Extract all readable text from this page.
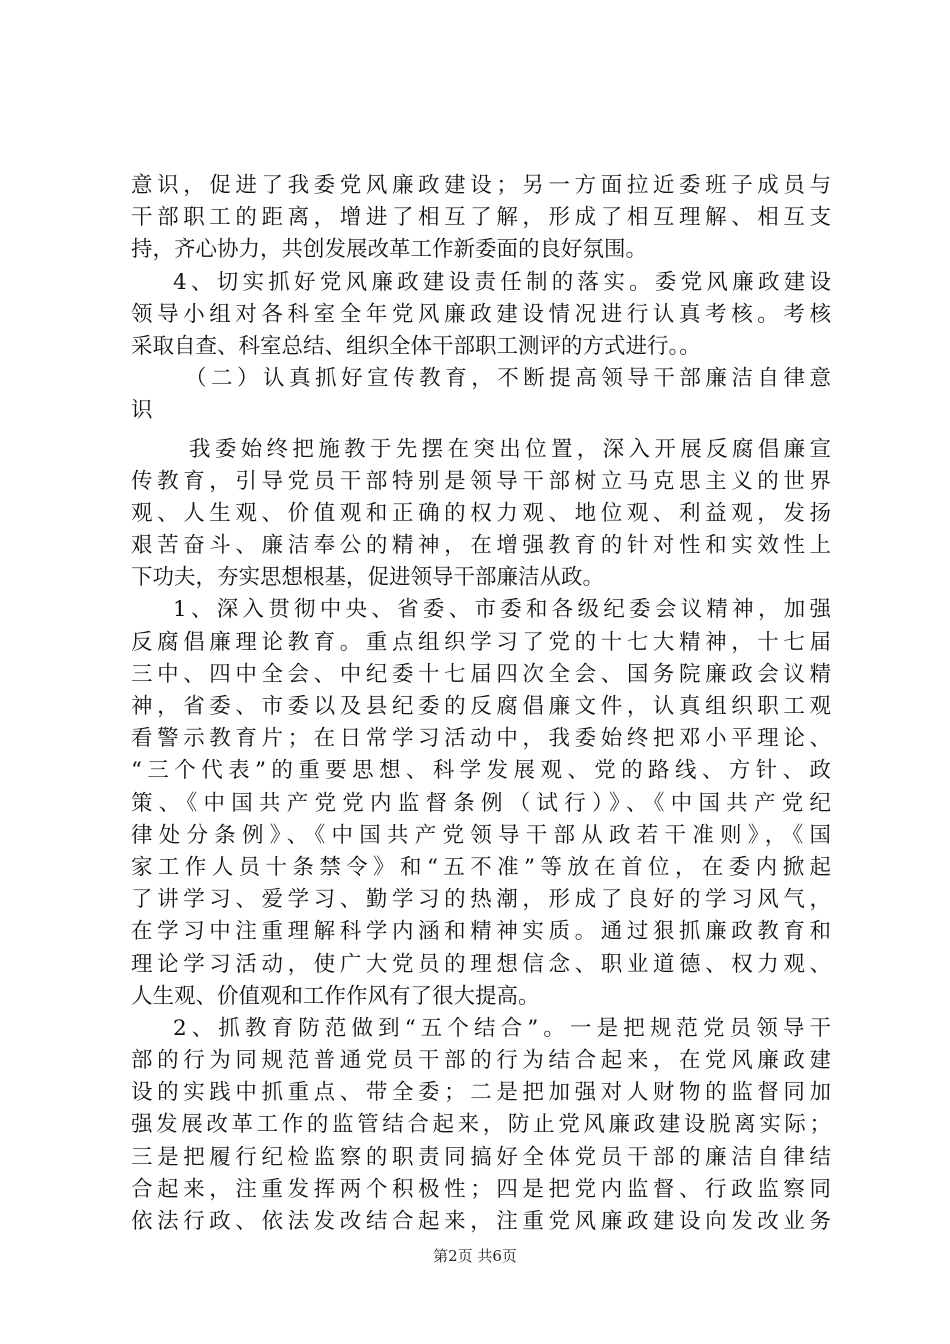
意识，促进了我委党风廉政建设；另一方面拉近委班子成员与
干部职工的距离，增进了相互了解，形成了相互理解、相互支
持，齐心协力，共创发展改革工作新委面的良好氛围。
4、切实抓好党风廉政建设责任制的落实。委党风廉政建设
领导小组对各科室全年党风廉政建设情况进行认真考核。考核
采取自查、科室总结、组织全体干部职工测评的方式进行。。
（二）认真抓好宣传教育，不断提高领导干部廉洁自律意
识
我委始终把施教于先摆在突出位置，深入开展反腐倡廉宣
传教育，引导党员干部特别是领导干部树立马克思主义的世界
观、人生观、价值观和正确的权力观、地位观、利益观，发扬
艰苦奋斗、廉洁奉公的精神，在增强教育的针对性和实效性上
下功夫，夯实思想根基，促进领导干部廉洁从政。
1、深入贯彻中央、省委、市委和各级纪委会议精神，加强
反腐倡廉理论教育。重点组织学习了党的十七大精神，十七届
三中、四中全会、中纪委十七届四次全会、国务院廉政会议精
神，省委、市委以及县纪委的反腐倡廉文件，认真组织职工观
看警示教育片；在日常学习活动中，我委始终把邓小平理论、
“三个代表”的重要思想、科学发展观、党的路线、方针、政
策、《中国共产党党内监督条例（试行）》、《中国共产党纪
律处分条例》、《中国共产党领导干部从政若干准则》，《国
家工作人员十条禁令》和“五不准”等放在首位，在委内掀起
了讲学习、爱学习、勤学习的热潮，形成了良好的学习风气，
在学习中注重理解科学内涵和精神实质。通过狠抓廉政教育和
理论学习活动，使广大党员的理想信念、职业道德、权力观、
人生观、价值观和工作作风有了很大提高。
2、抓教育防范做到“五个结合”。一是把规范党员领导干
部的行为同规范普通党员干部的行为结合起来，在党风廉政建
设的实践中抓重点、带全委；二是把加强对人财物的监督同加
强发展改革工作的监管结合起来，防止党风廉政建设脱离实际；
三是把履行纪检监察的职责同搞好全体党员干部的廉洁自律结
合起来，注重发挥两个积极性；四是把党内监督、行政监察同
依法行政、依法发改结合起来，注重党风廉政建设向发改业务
第2页 共6页
